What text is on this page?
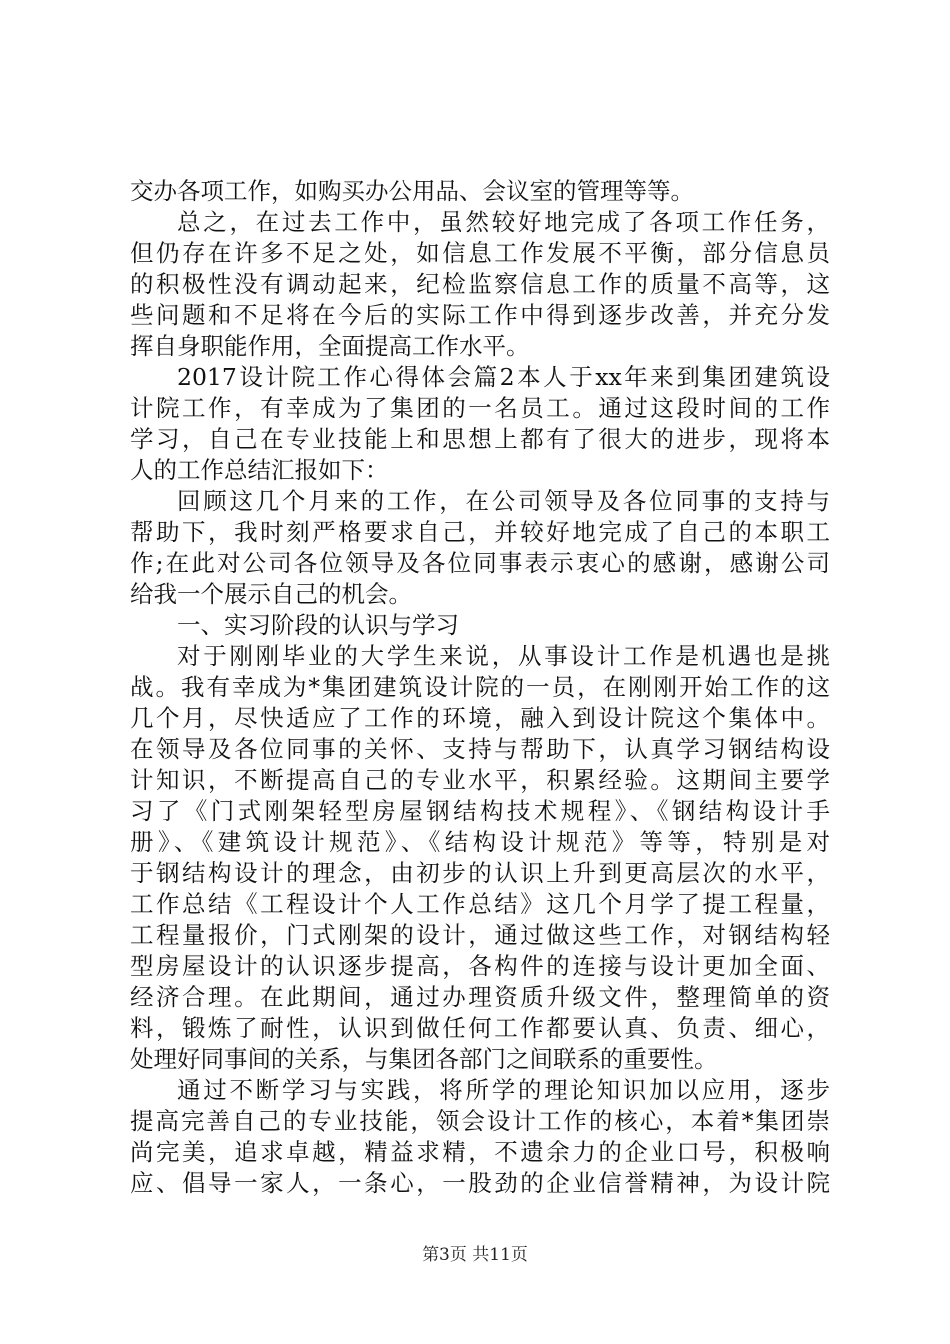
交办各项工作，如购买办公用品、会议室的管理等等。
总之，在过去工作中，虽然较好地完成了各项工作任务，
但仍存在许多不足之处，如信息工作发展不平衡，部分信息员
的积极性没有调动起来，纪检监察信息工作的质量不高等，这
些问题和不足将在今后的实际工作中得到逐步改善，并充分发
挥自身职能作用，全面提高工作水平。
2017设计院工作心得体会篇2本人于xx年来到集团建筑设
计院工作，有幸成为了集团的一名员工。通过这段时间的工作
学习，自己在专业技能上和思想上都有了很大的进步，现将本
人的工作总结汇报如下：
回顾这几个月来的工作，在公司领导及各位同事的支持与
帮助下，我时刻严格要求自己，并较好地完成了自己的本职工
作;在此对公司各位领导及各位同事表示衷心的感谢，感谢公司
给我一个展示自己的机会。
一、实习阶段的认识与学习
对于刚刚毕业的大学生来说，从事设计工作是机遇也是挑
战。我有幸成为*集团建筑设计院的一员，在刚刚开始工作的这
几个月，尽快适应了工作的环境，融入到设计院这个集体中。
在领导及各位同事的关怀、支持与帮助下，认真学习钢结构设
计知识，不断提高自己的专业水平，积累经验。这期间主要学
习了《门式刚架轻型房屋钢结构技术规程》、《钢结构设计手
册》、《建筑设计规范》、《结构设计规范》等等，特别是对
于钢结构设计的理念，由初步的认识上升到更高层次的水平，
工作总结《工程设计个人工作总结》这几个月学了提工程量，
工程量报价，门式刚架的设计，通过做这些工作，对钢结构轻
型房屋设计的认识逐步提高，各构件的连接与设计更加全面、
经济合理。在此期间，通过办理资质升级文件，整理简单的资
料，锻炼了耐性，认识到做任何工作都要认真、负责、细心，
处理好同事间的关系，与集团各部门之间联系的重要性。
通过不断学习与实践，将所学的理论知识加以应用，逐步
提高完善自己的专业技能，领会设计工作的核心，本着*集团崇
尚完美，追求卓越，精益求精，不遗余力的企业口号，积极响
应、倡导一家人，一条心，一股劲的企业信誉精神，为设计院
第3页 共11页
